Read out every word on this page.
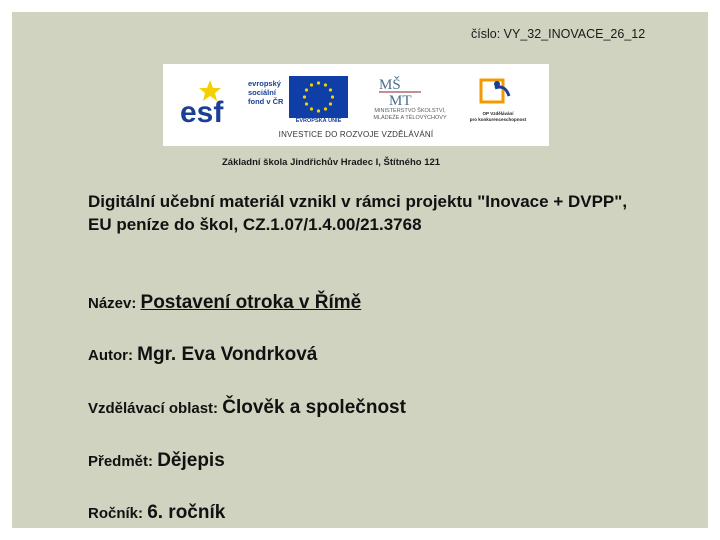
číslo: VY_32_INOVACE_26_12
esf
evropský
sociální
fond v ČR
EVROPSKÁ UNIE
MŠ
MT
MINISTERSTVO ŠKOLSTVÍ,
MLÁDEŽE A TĚLOVÝCHOVY
OP Vzdělávání
pro konkurenceschopnost
INVESTICE DO ROZVOJE VZDĚLÁVÁNÍ
Základní škola Jindřichův Hradec I, Štítného 121
Digitální učební materiál vznikl v rámci projektu "Inovace + DVPP", EU peníze do škol, CZ.1.07/1.4.00/21.3768
Název: Postavení otroka v Římě
Autor: Mgr. Eva Vondrková
Vzdělávací oblast: Člověk a společnost
Předmět: Dějepis
Ročník: 6. ročník
